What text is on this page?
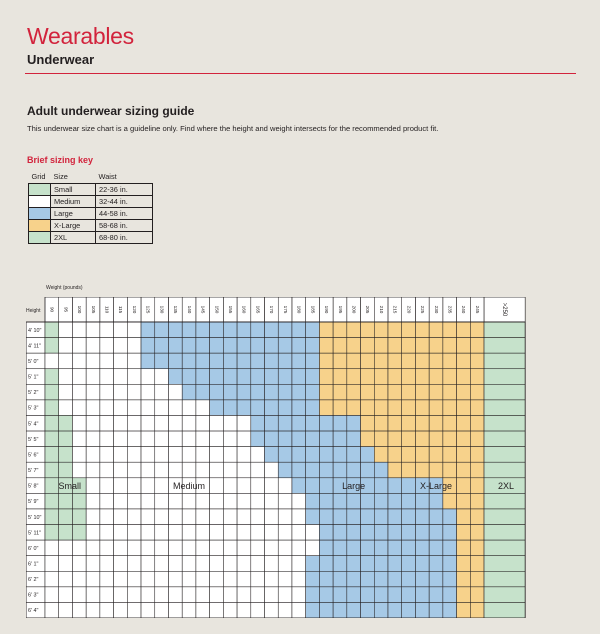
Wearables
Underwear
Adult underwear sizing guide
This underwear size chart is a guideline only. Find where the height and weight intersects for the recommended product fit.
Brief sizing key
Grid	Size	Waist
	Small	22-36 in.
	Medium	32-44 in.
	Large	44-58 in.
	X-Large	58-68 in.
	2XL	68-80 in.
Weight (pounds)
Height 90 95 100 105 110 115 120 125 130 135 140 145 150 155 160 165 170 175 180 185 190 195 200 205 210 215 220 225 230 235 240 245	>250
4' 10"
4' 11"
5' 0"
5' 1"
5' 2"
5' 3"
5' 4"
5' 5"
5' 6"
5' 7"
5' 8"
5' 9"
5' 10"
5' 11"
6' 0"
6' 1"
6' 2"
6' 3"
6' 4"
Small	Medium	Large	X-Large	2XL
